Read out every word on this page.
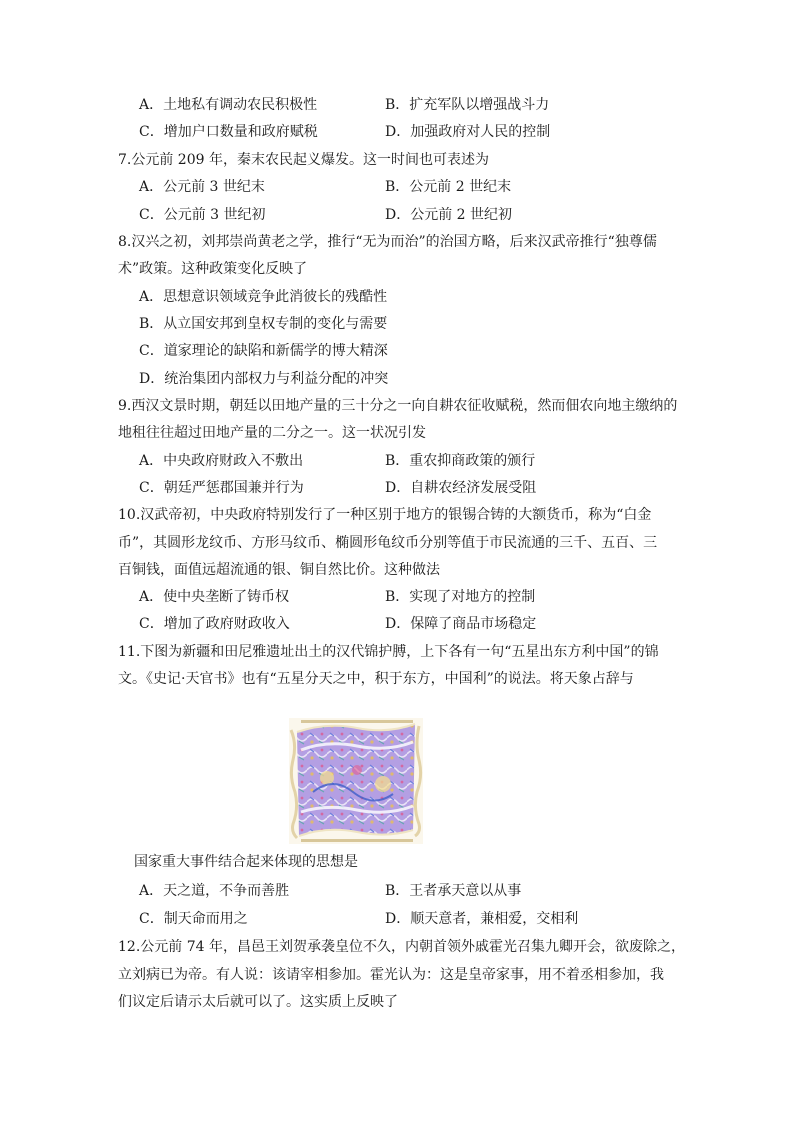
A．土地私有调动农民积极性	B．扩充军队以增强战斗力
C．增加户口数量和政府赋税	D．加强政府对人民的控制
7.公元前 209 年，秦末农民起义爆发。这一时间也可表述为
A．公元前 3 世纪末	B．公元前 2 世纪末
C．公元前 3 世纪初	D．公元前 2 世纪初
8.汉兴之初，刘邦崇尚黄老之学，推行“无为而治”的治国方略，后来汉武帝推行“独尊儒
术”政策。这种政策变化反映了
A．思想意识领域竞争此消彼长的残酷性
B．从立国安邦到皇权专制的变化与需要
C．道家理论的缺陷和新儒学的博大精深
D．统治集团内部权力与利益分配的冲突
9.西汉文景时期，朝廷以田地产量的三十分之一向自耕农征收赋税，然而佃农向地主缴纳的
地租往往超过田地产量的二分之一。这一状况引发
A．中央政府财政入不敷出	B．重农抑商政策的颁行
C．朝廷严惩郡国兼并行为	D．自耕农经济发展受阻
10.汉武帝初，中央政府特别发行了一种区别于地方的银锡合铸的大额货币，称为“白金
币”，其圆形龙纹币、方形马纹币、椭圆形龟纹币分别等值于市民流通的三千、五百、三
百铜钱，面值远超流通的银、铜自然比价。这种做法
A．使中央垄断了铸币权	B．实现了对地方的控制
C．增加了政府财政收入	D．保障了商品市场稳定
11.下图为新疆和田尼雅遗址出土的汉代锦护膊，上下各有一句“五星出东方利中国”的锦
文。《史记·天官书》也有“五星分天之中，积于东方，中国利”的说法。将天象占辞与
国家重大事件结合起来体现的思想是
A．天之道，不争而善胜	B．王者承天意以从事
C．制天命而用之	D．顺天意者，兼相爱，交相利
12.公元前 74 年，昌邑王刘贺承袭皇位不久，内朝首领外戚霍光召集九卿开会，欲废除之，
立刘病已为帝。有人说：该请宰相参加。霍光认为：这是皇帝家事，用不着丞相参加，我
们议定后请示太后就可以了。这实质上反映了
